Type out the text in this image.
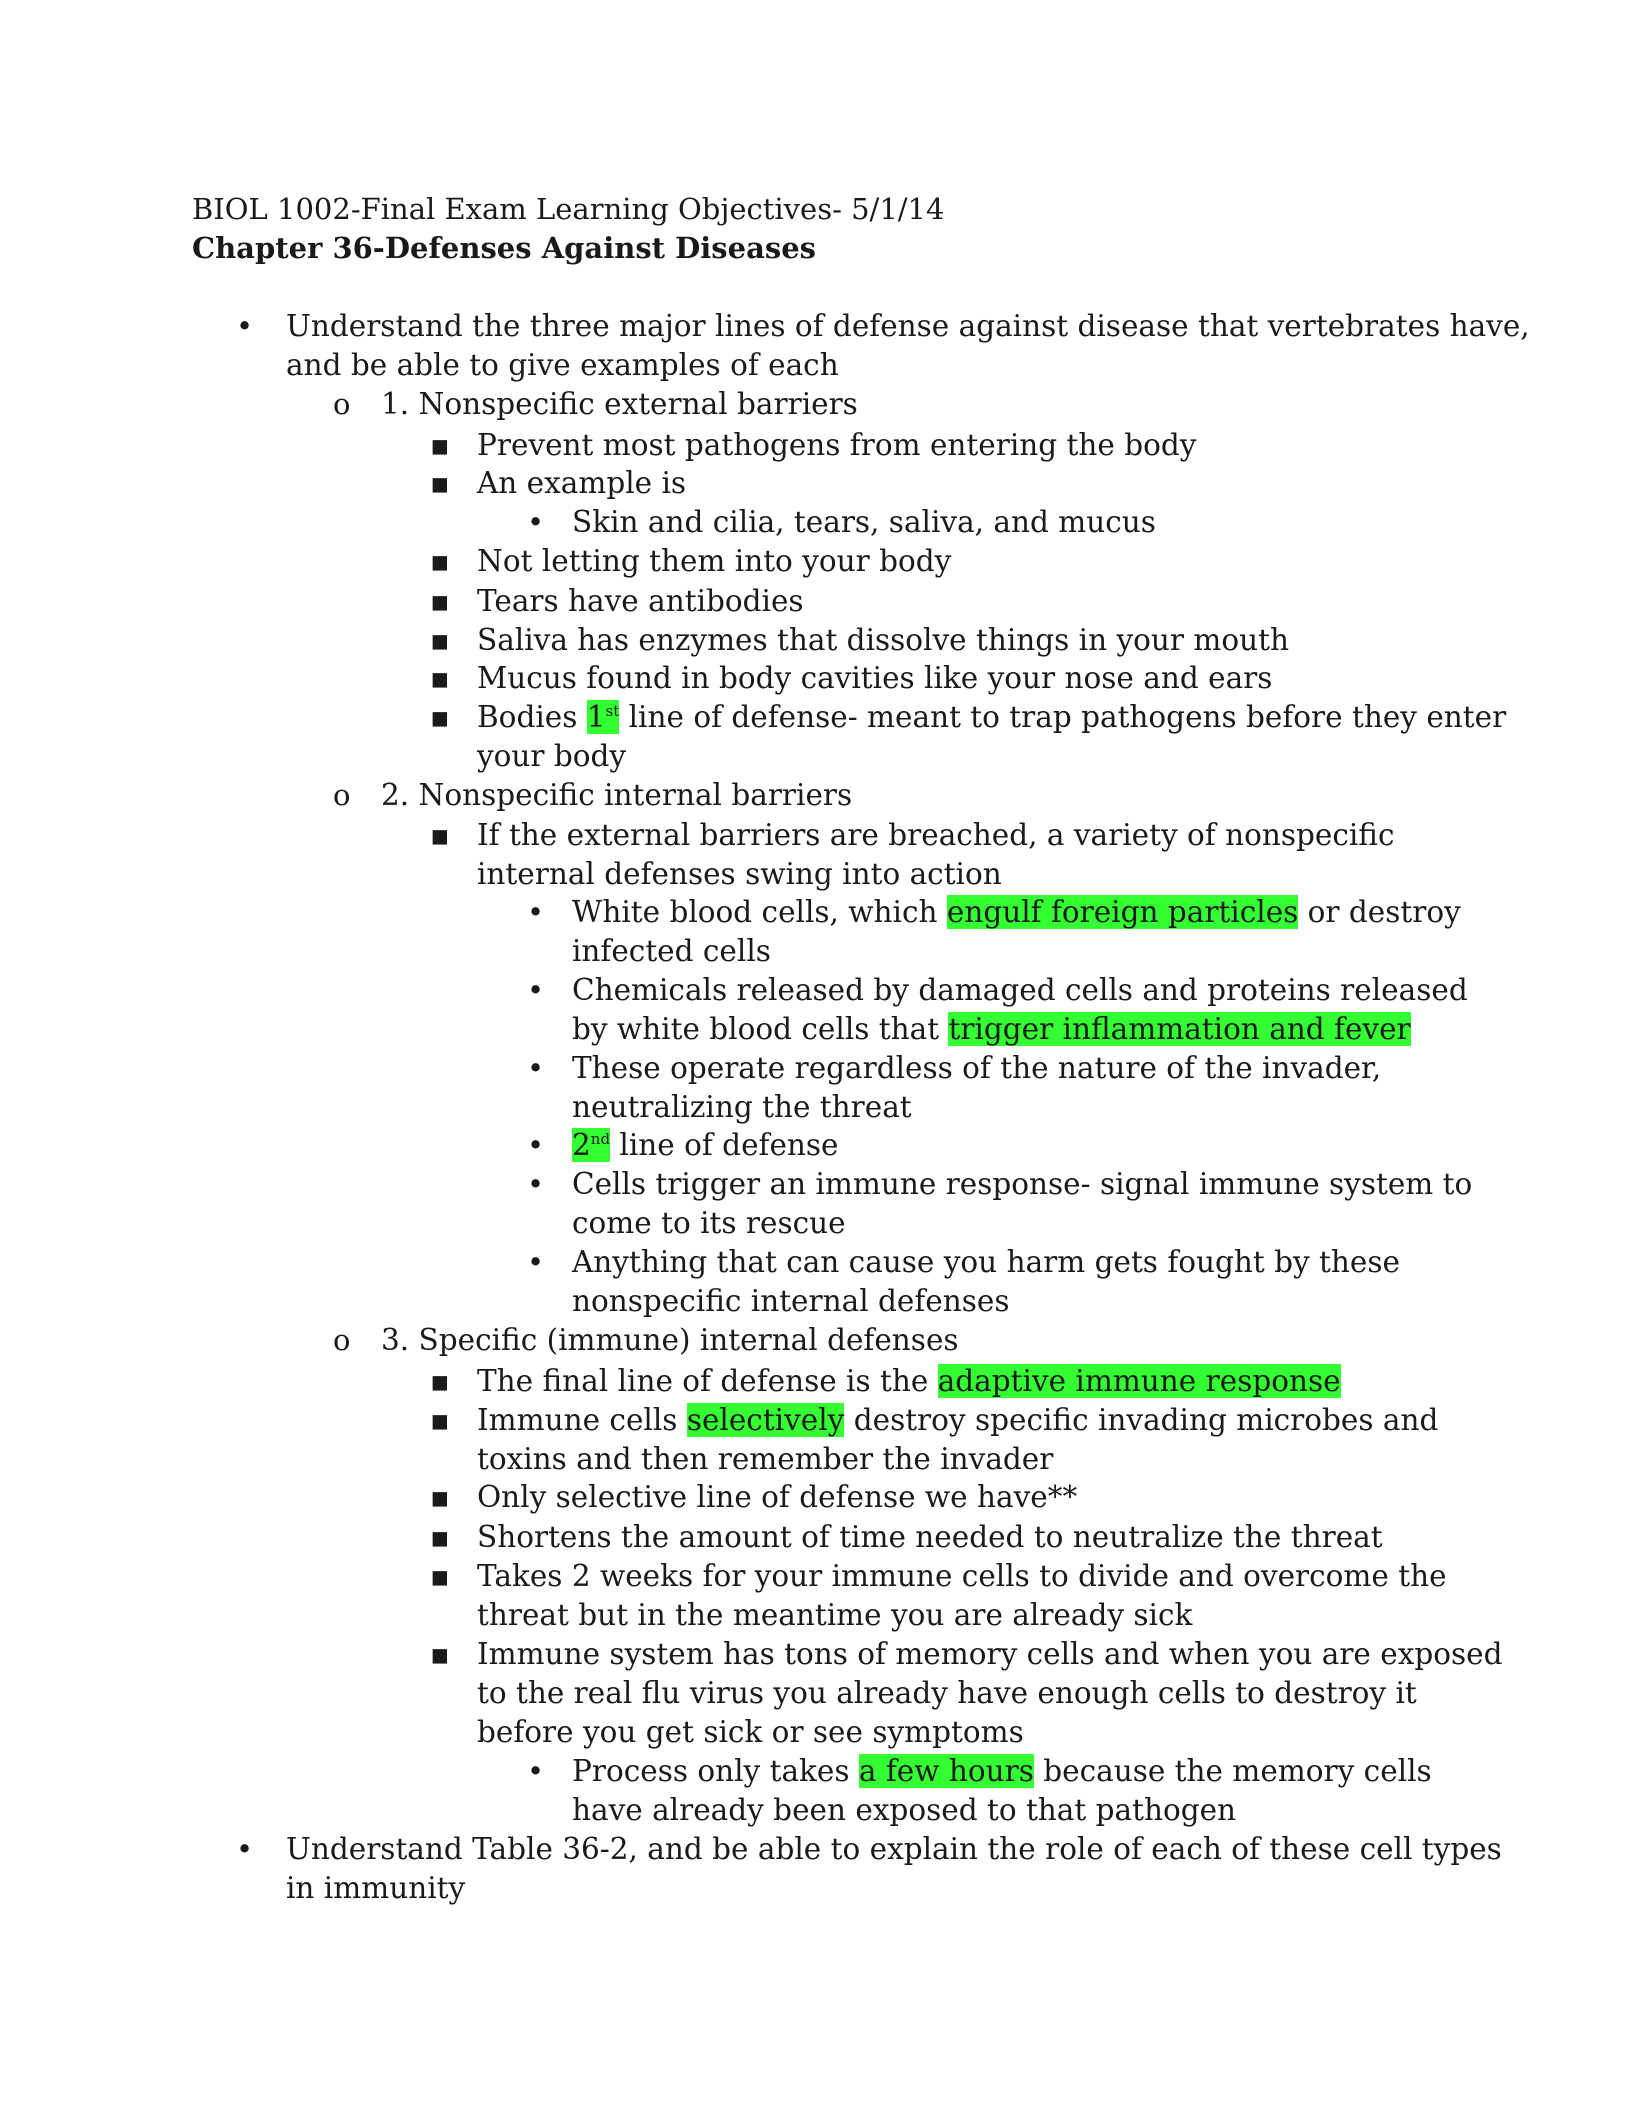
BIOL 1002-Final Exam Learning Objectives- 5/1/14
Chapter 36-Defenses Against Diseases
• Understand the three major lines of defense against disease that vertebrates have,
and be able to give examples of each
o 1. Nonspecific external barriers
▪ Prevent most pathogens from entering the body
▪ An example is
• Skin and cilia, tears, saliva, and mucus
▪ Not letting them into your body
▪ Tears have antibodies
▪ Saliva has enzymes that dissolve things in your mouth
▪ Mucus found in body cavities like your nose and ears
▪ Bodies 1st line of defense- meant to trap pathogens before they enter
your body
o 2. Nonspecific internal barriers
▪ If the external barriers are breached, a variety of nonspecific
internal defenses swing into action
• White blood cells, which engulf foreign particles or destroy
infected cells
• Chemicals released by damaged cells and proteins released
by white blood cells that trigger inflammation and fever
• These operate regardless of the nature of the invader,
neutralizing the threat
• 2nd line of defense
• Cells trigger an immune response- signal immune system to
come to its rescue
• Anything that can cause you harm gets fought by these
nonspecific internal defenses
o 3. Specific (immune) internal defenses
▪ The final line of defense is the adaptive immune response
▪ Immune cells selectively destroy specific invading microbes and
toxins and then remember the invader
▪ Only selective line of defense we have**
▪ Shortens the amount of time needed to neutralize the threat
▪ Takes 2 weeks for your immune cells to divide and overcome the
threat but in the meantime you are already sick
▪ Immune system has tons of memory cells and when you are exposed
to the real flu virus you already have enough cells to destroy it
before you get sick or see symptoms
• Process only takes a few hours because the memory cells
have already been exposed to that pathogen
• Understand Table 36-2, and be able to explain the role of each of these cell types
in immunity
